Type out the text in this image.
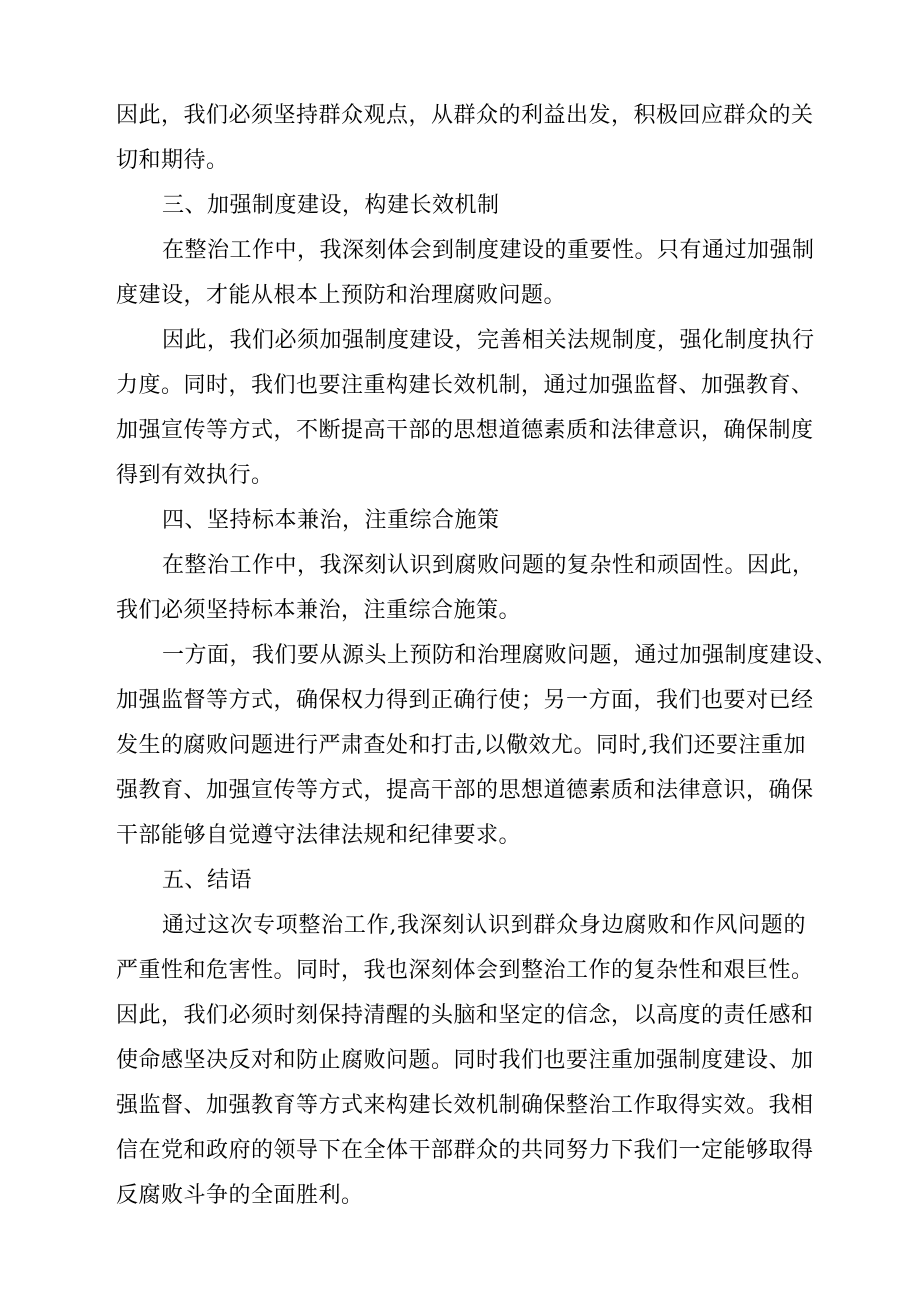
因此，我们必须坚持群众观点，从群众的利益出发，积极回应群众的关
切和期待。
三、加强制度建设，构建长效机制
在整治工作中，我深刻体会到制度建设的重要性。只有通过加强制
度建设，才能从根本上预防和治理腐败问题。
因此，我们必须加强制度建设，完善相关法规制度，强化制度执行
力度。同时，我们也要注重构建长效机制，通过加强监督、加强教育、
加强宣传等方式，不断提高干部的思想道德素质和法律意识，确保制度
得到有效执行。
四、坚持标本兼治，注重综合施策
在整治工作中，我深刻认识到腐败问题的复杂性和顽固性。因此，
我们必须坚持标本兼治，注重综合施策。
一方面，我们要从源头上预防和治理腐败问题，通过加强制度建设、
加强监督等方式，确保权力得到正确行使；另一方面，我们也要对已经
发生的腐败问题进行严肃查处和打击,以儆效尤。同时,我们还要注重加
强教育、加强宣传等方式，提高干部的思想道德素质和法律意识，确保
干部能够自觉遵守法律法规和纪律要求。
五、结语
通过这次专项整治工作,我深刻认识到群众身边腐败和作风问题的
严重性和危害性。同时，我也深刻体会到整治工作的复杂性和艰巨性。
因此，我们必须时刻保持清醒的头脑和坚定的信念，以高度的责任感和
使命感坚决反对和防止腐败问题。同时我们也要注重加强制度建设、加
强监督、加强教育等方式来构建长效机制确保整治工作取得实效。我相
信在党和政府的领导下在全体干部群众的共同努力下我们一定能够取得
反腐败斗争的全面胜利。
